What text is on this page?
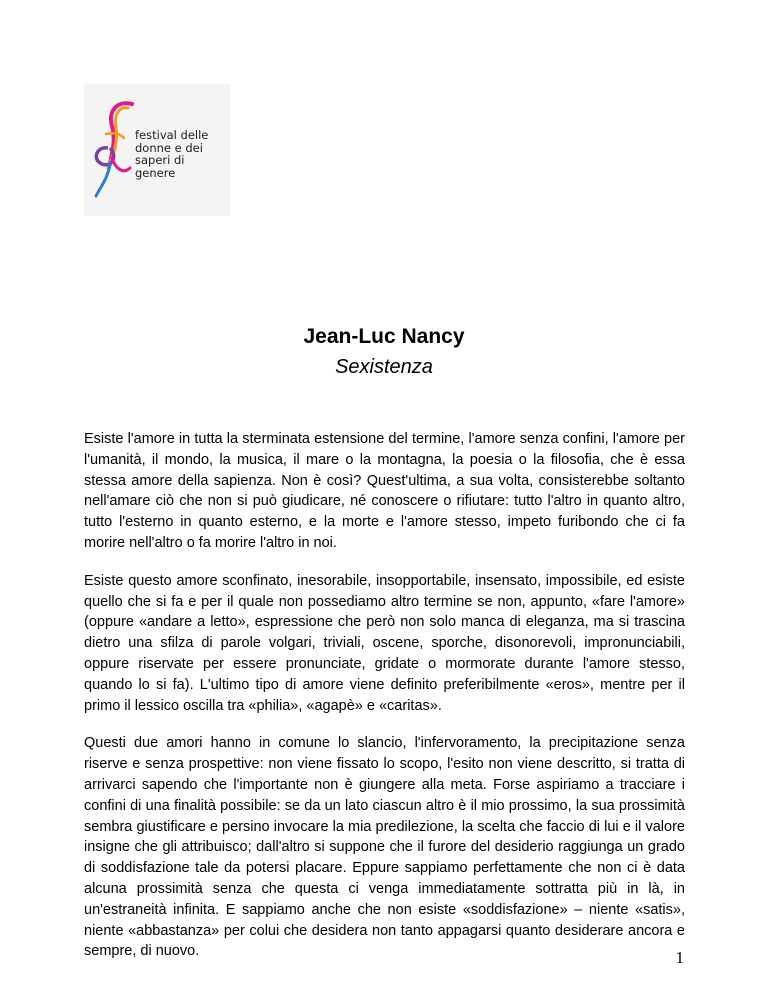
festival delle
donne e dei
saperi di
genere
Jean-Luc Nancy
Sexistenza

Esiste l'amore in tutta la sterminata estensione del termine, l'amore senza confini, l'amore per l'umanità, il mondo, la musica, il mare o la montagna, la poesia o la filosofia, che è essa stessa amore della sapienza. Non è così? Quest'ultima, a sua volta, consisterebbe soltanto nell'amare ciò che non si può giudicare, né conoscere o rifiutare: tutto l'altro in quanto altro, tutto l'esterno in quanto esterno, e la morte e l'amore stesso, impeto furibondo che ci fa morire nell'altro o fa morire l'altro in noi.

Esiste questo amore sconfinato, inesorabile, insopportabile, insensato, impossibile, ed esiste quello che si fa e per il quale non possediamo altro termine se non, appunto, «fare l'amore» (oppure «andare a letto», espressione che però non solo manca di eleganza, ma si trascina dietro una sfilza di parole volgari, triviali, oscene, sporche, disonorevoli, impronunciabili, oppure riservate per essere pronunciate, gridate o mormorate durante l'amore stesso, quando lo si fa). L'ultimo tipo di amore viene definito preferibilmente «eros», mentre per il primo il lessico oscilla tra «philia», «agapè» e «caritas».

Questi due amori hanno in comune lo slancio, l'infervoramento, la precipitazione senza riserve e senza prospettive: non viene fissato lo scopo, l'esito non viene descritto, si tratta di arrivarci sapendo che l'importante non è giungere alla meta. Forse aspiriamo a tracciare i confini di una finalità possibile: se da un lato ciascun altro è il mio prossimo, la sua prossimità sembra giustificare e persino invocare la mia predilezione, la scelta che faccio di lui e il valore insigne che gli attribuisco; dall'altro si suppone che il furore del desiderio raggiunga un grado di soddisfazione tale da potersi placare. Eppure sappiamo perfettamente che non ci è data alcuna prossimità senza che questa ci venga immediatamente sottratta più in là, in un'estraneità infinita. E sappiamo anche che non esiste «soddisfazione» – niente «satis», niente «abbastanza» per colui che desidera non tanto appagarsi quanto desiderare ancora e sempre, di nuovo.	1
